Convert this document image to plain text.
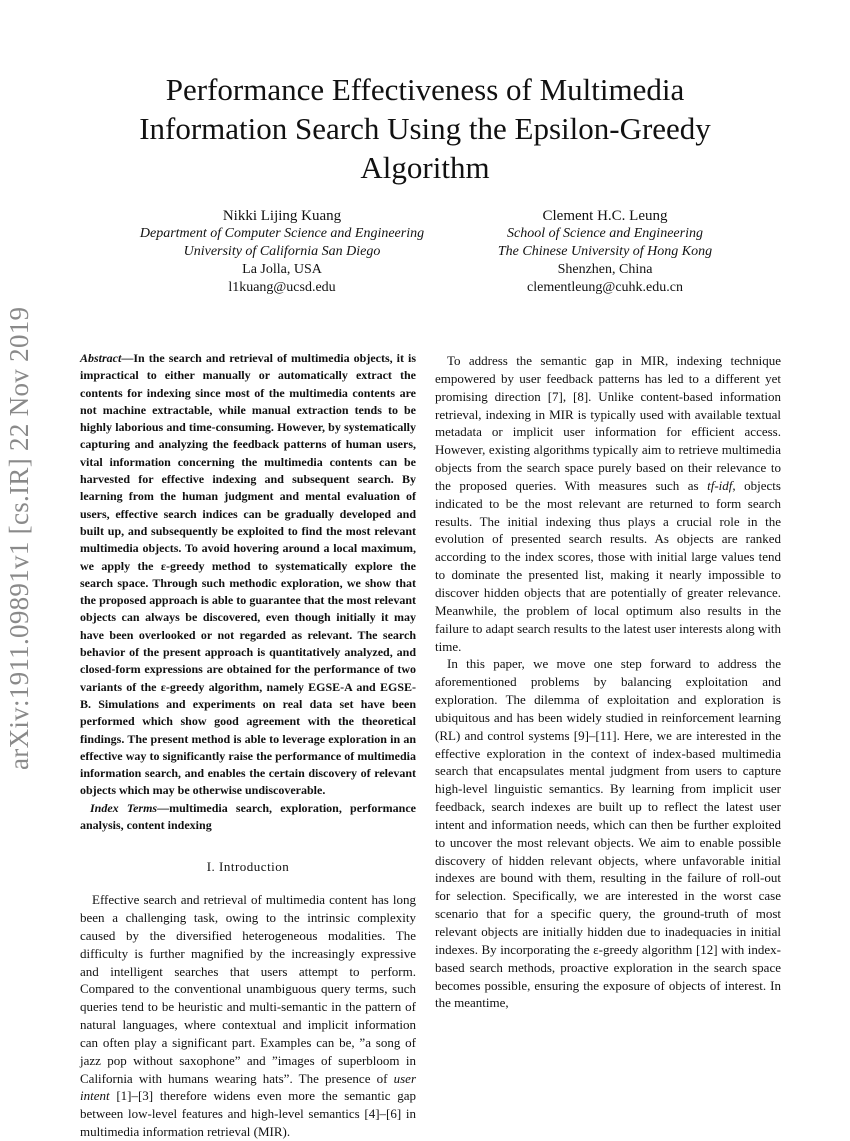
arXiv:1911.09891v1 [cs.IR] 22 Nov 2019
Performance Effectiveness of Multimedia Information Search Using the Epsilon-Greedy Algorithm
Nikki Lijing Kuang
Department of Computer Science and Engineering
University of California San Diego
La Jolla, USA
l1kuang@ucsd.edu
Clement H.C. Leung
School of Science and Engineering
The Chinese University of Hong Kong
Shenzhen, China
clementleung@cuhk.edu.cn

Abstract — In the search and retrieval of multimedia objects, it is impractical to either manually or automatically extract the contents for indexing since most of the multimedia contents are not machine extractable, while manual extraction tends to be highly laborious and time-consuming. However, by systematically capturing and analyzing the feedback patterns of human users, vital information concerning the multimedia contents can be harvested for effective indexing and subsequent search. By learning from the human judgment and mental evaluation of users, effective search indices can be gradually developed and built up, and subsequently be exploited to find the most relevant multimedia objects. To avoid hovering around a local maximum, we apply the ε-greedy method to systematically explore the search space. Through such methodic exploration, we show that the proposed approach is able to guarantee that the most relevant objects can always be discovered, even though initially it may have been overlooked or not regarded as relevant. The search behavior of the present approach is quantitatively analyzed, and closed-form expressions are obtained for the performance of two variants of the ε-greedy algorithm, namely EGSE-A and EGSE-B. Simulations and experiments on real data set have been performed which show good agreement with the theoretical findings. The present method is able to leverage exploration in an effective way to significantly raise the performance of multimedia information search, and enables the certain discovery of relevant objects which may be otherwise undiscoverable.

Index Terms — multimedia search, exploration, performance analysis, content indexing

I. Introduction

Effective search and retrieval of multimedia content has long been a challenging task, owing to the intrinsic complexity caused by the diversified heterogeneous modalities. The difficulty is further magnified by the increasingly expressive and intelligent searches that users attempt to perform. Compared to the conventional unambiguous query terms, such queries tend to be heuristic and multi-semantic in the pattern of natural languages, where contextual and implicit information can often play a significant part. Examples can be, ”a song of jazz pop without saxophone” and ”images of superbloom in California with humans wearing hats”. The presence of user intent [1]–[3] therefore widens even more the semantic gap between low-level features and high-level semantics [4]–[6] in multimedia information retrieval (MIR).

To address the semantic gap in MIR, indexing technique empowered by user feedback patterns has led to a different yet promising direction [7], [8]. Unlike content-based information retrieval, indexing in MIR is typically used with available textual metadata or implicit user information for efficient access. However, existing algorithms typically aim to retrieve multimedia objects from the search space purely based on their relevance to the proposed queries. With measures such as tf-idf, objects indicated to be the most relevant are returned to form search results. The initial indexing thus plays a crucial role in the evolution of presented search results. As objects are ranked according to the index scores, those with initial large values tend to dominate the presented list, making it nearly impossible to discover hidden objects that are potentially of greater relevance. Meanwhile, the problem of local optimum also results in the failure to adapt search results to the latest user interests along with time.

In this paper, we move one step forward to address the aforementioned problems by balancing exploitation and exploration. The dilemma of exploitation and exploration is ubiquitous and has been widely studied in reinforcement learning (RL) and control systems [9]–[11]. Here, we are interested in the effective exploration in the context of index-based multimedia search that encapsulates mental judgment from users to capture high-level linguistic semantics. By learning from implicit user feedback, search indexes are built up to reflect the latest user intent and information needs, which can then be further exploited to uncover the most relevant objects. We aim to enable possible discovery of hidden relevant objects, where unfavorable initial indexes are bound with them, resulting in the failure of roll-out for selection. Specifically, we are interested in the worst case scenario that for a specific query, the ground-truth of most relevant objects are initially hidden due to inadequacies in initial indexes. By incorporating the ε-greedy algorithm [12] with index-based search methods, proactive exploration in the search space becomes possible, ensuring the exposure of objects of interest. In the meantime,
